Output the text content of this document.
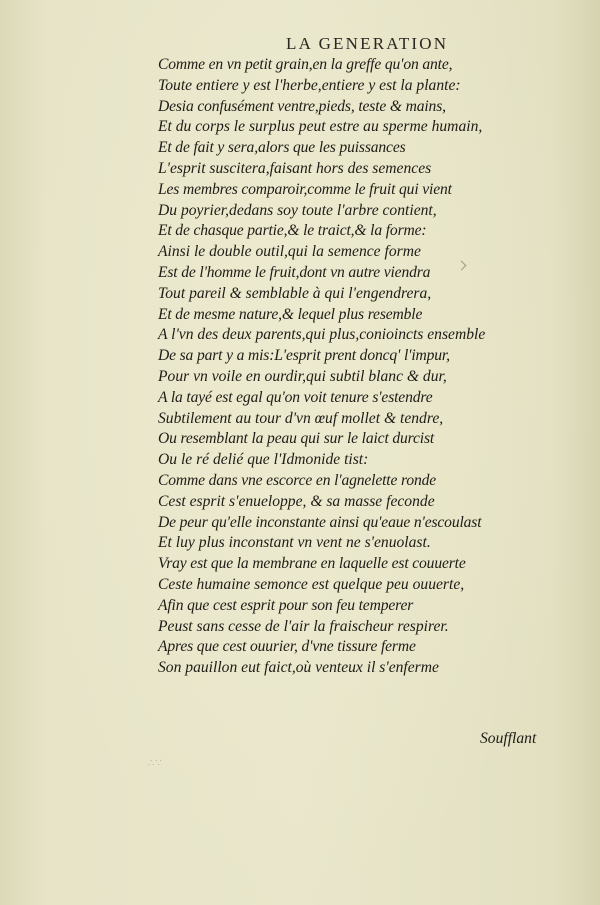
LA GENERATION
Comme en vn petit grain,en la greffe qu'on ante,
Toute entiere y est l'herbe,entiere y est la plante:
Desia confusément ventre,pieds, teste & mains,
Et du corps le surplus peut estre au sperme humain,
Et de fait y sera,alors que les puissances
L'esprit suscitera,faisant hors des semences
Les membres comparoir,comme le fruit qui vient
Du poyrier,dedans soy toute l'arbre contient,
Et de chasque partie,& le traict,& la forme:
Ainsi le double outil,qui la semence forme
Est de l'homme le fruit,dont vn autre viendra
Tout pareil & semblable à qui l'engendrera,
Et de mesme nature,& lequel plus resemble
A l'vn des deux parents,qui plus,conioincts ensemble
De sa part y a mis:L'esprit prent doncq' l'impur,
Pour vn voile en ourdir,qui subtil blanc & dur,
A la tayé est egal qu'on voit tenure s'estendre
Subtilement au tour d'vn œuf mollet & tendre,
Ou resemblant la peau qui sur le laict durcist
Ou le ré delié que l'Idmonide tist:
Comme dans vne escorce en l'agnelette ronde
Cest esprit s'enueloppe, & sa masse feconde
De peur qu'elle inconstante ainsi qu'eaue n'escoulast
Et luy plus inconstant vn vent ne s'enuolast.
Vray est que la membrane en laquelle est couuerte
Ceste humaine semonce est quelque peu ouuerte,
Afin que cest esprit pour son feu temperer
Peust sans cesse de l'air la fraischeur respirer.
Apres que cest ouurier, d'vne tissure ferme
Son pauillon eut faict,où venteux il s'enferme
Soufflant
∴∵
